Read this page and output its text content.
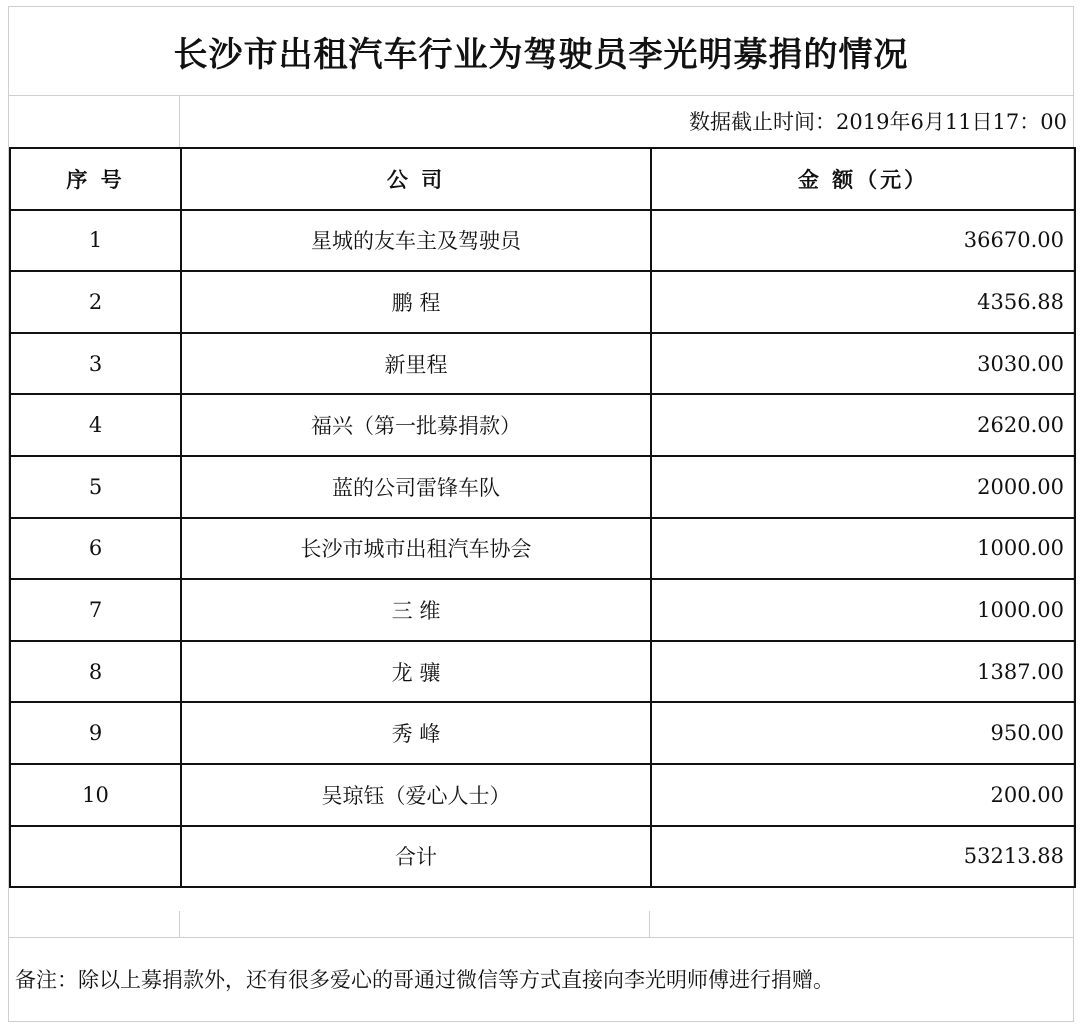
长沙市出租汽车行业为驾驶员李光明募捐的情况
数据截止时间：2019年6月11日17：00
序 号	公 司	金 额（元）
1	星城的友车主及驾驶员	36670.00
2	鹏 程	4356.88
3	新里程	3030.00
4	福兴（第一批募捐款）	2620.00
5	蓝的公司雷锋车队	2000.00
6	长沙市城市出租汽车协会	1000.00
7	三 维	1000.00
8	龙 骧	1387.00
9	秀 峰	950.00
10	吴琼钰（爱心人士）	200.00
	合计	53213.88
备注：除以上募捐款外，还有很多爱心的哥通过微信等方式直接向李光明师傅进行捐赠。
